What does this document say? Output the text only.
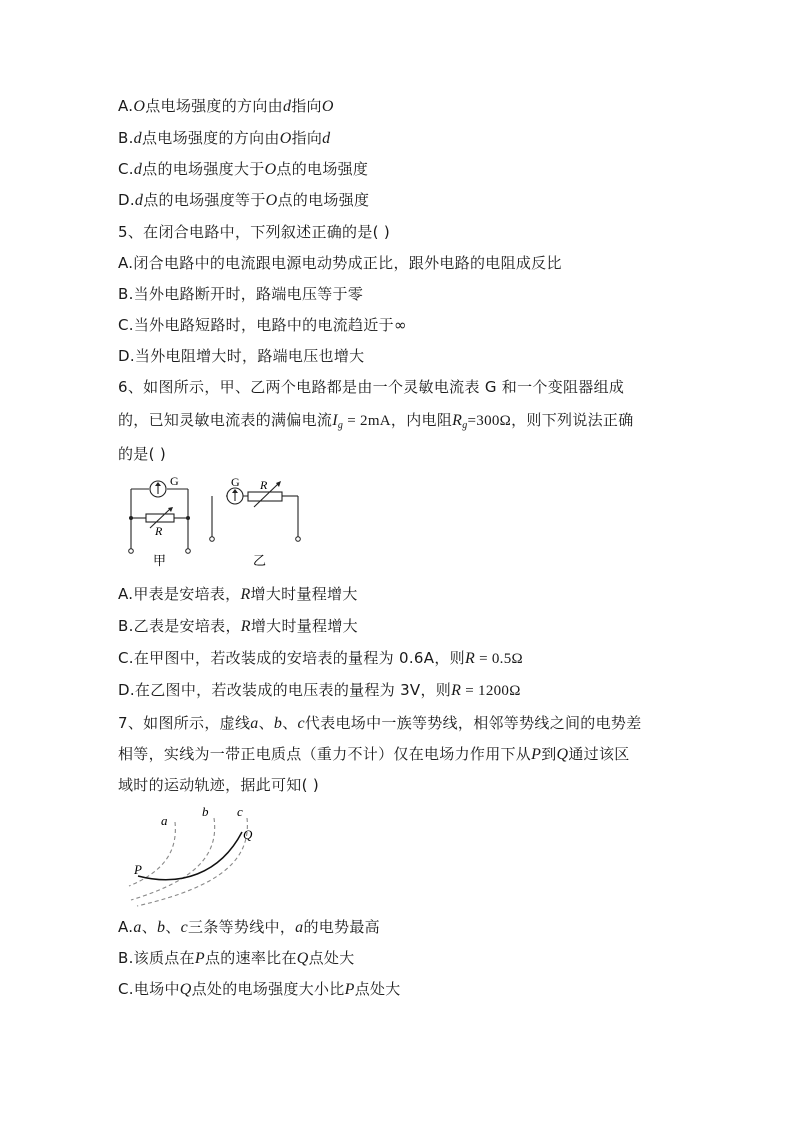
A.O点电场强度的方向由d指向O
B.d点电场强度的方向由O指向d
C.d点的电场强度大于O点的电场强度
D.d点的电场强度等于O点的电场强度
5、在闭合电路中，下列叙述正确的是( )
A.闭合电路中的电流跟电源电动势成正比，跟外电路的电阻成反比
B.当外电路断开时，路端电压等于零
C.当外电路短路时，电路中的电流趋近于∞
D.当外电阻增大时，路端电压也增大
6、如图所示，甲、乙两个电路都是由一个灵敏电流表 G 和一个变阻器组成
的，已知灵敏电流表的满偏电流$I_g = 2mA$，内电阻$R_g=300\Omega$，则下列说法正确
的是( )
G	G
R
R
甲	乙
A.甲表是安培表，R增大时量程增大
B.乙表是安培表，R增大时量程增大
C.在甲图中，若改装成的安培表的量程为 0.6A，则R = 0.5Ω
D.在乙图中，若改装成的电压表的量程为 3V，则R = 1200Ω
7、如图所示，虚线a、b、c代表电场中一族等势线，相邻等势线之间的电势差
相等，实线为一带正电质点（重力不计）仅在电场力作用下从P到Q通过该区
域时的运动轨迹，据此可知( )
a
b c
Q
P
A.a、b、c三条等势线中，a的电势最高
B.该质点在P点的速率比在Q点处大
C.电场中Q点处的电场强度大小比P点处大
